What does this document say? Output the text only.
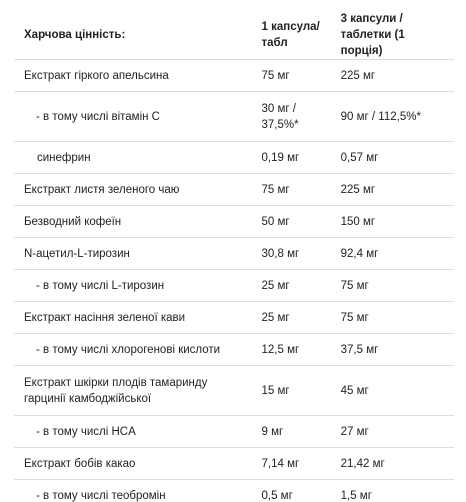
Харчова цінність:	1 капсула/ табл	3 капсули / таблетки (1 порція)
Екстракт гіркого апельсина	75 мг	225 мг
- в тому числі вітамін С	30 мг / 37,5%*	90 мг / 112,5%*
синефрин	0,19 мг	0,57 мг
Екстракт листя зеленого чаю	75 мг	225 мг
Безводний кофеїн	50 мг	150 мг
N-ацетил-L-тирозин	30,8 мг	92,4 мг
- в тому числі L-тирозин	25 мг	75 мг
Екстракт насіння зеленої кави	25 мг	75 мг
- в тому числі хлорогенові кислоти	12,5 мг	37,5 мг
Екстракт шкірки плодів тамаринду гарцинії камбоджійської	15 мг	45 мг
- в тому числі HCA	9 мг	27 мг
Екстракт бобів какао	7,14 мг	21,42 мг
- в тому числі теобромін	0,5 мг	1,5 мг
